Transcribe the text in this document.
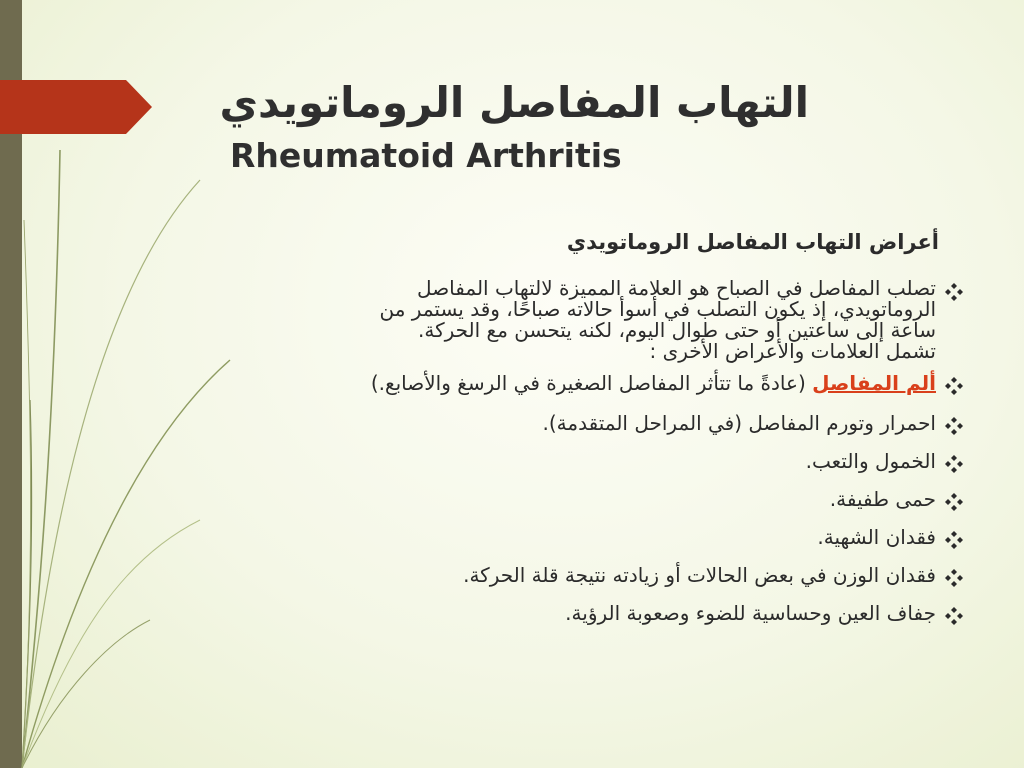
التهاب المفاصل الروماتويدي
Rheumatoid Arthritis
أعراض التهاب المفاصل الروماتويدي
تصلب المفاصل في الصباح هو العلامة المميزة لالتهاب المفاصل
الروماتويدي، إذ يكون التصلب في أسوأ حالاته صباحًا، وقد يستمر من
ساعة إلى ساعتين أو حتى طوال اليوم، لكنه يتحسن مع الحركة.
تشمل العلامات والأعراض الأخرى :
ألم المفاصل (عادةً ما تتأثر المفاصل الصغيرة في الرسغ والأصابع.)
احمرار وتورم المفاصل (في المراحل المتقدمة).
الخمول والتعب.
حمى طفيفة.
فقدان الشهية.
فقدان الوزن في بعض الحالات أو زيادته نتيجة قلة الحركة.
جفاف العين وحساسية للضوء وصعوبة الرؤية.
